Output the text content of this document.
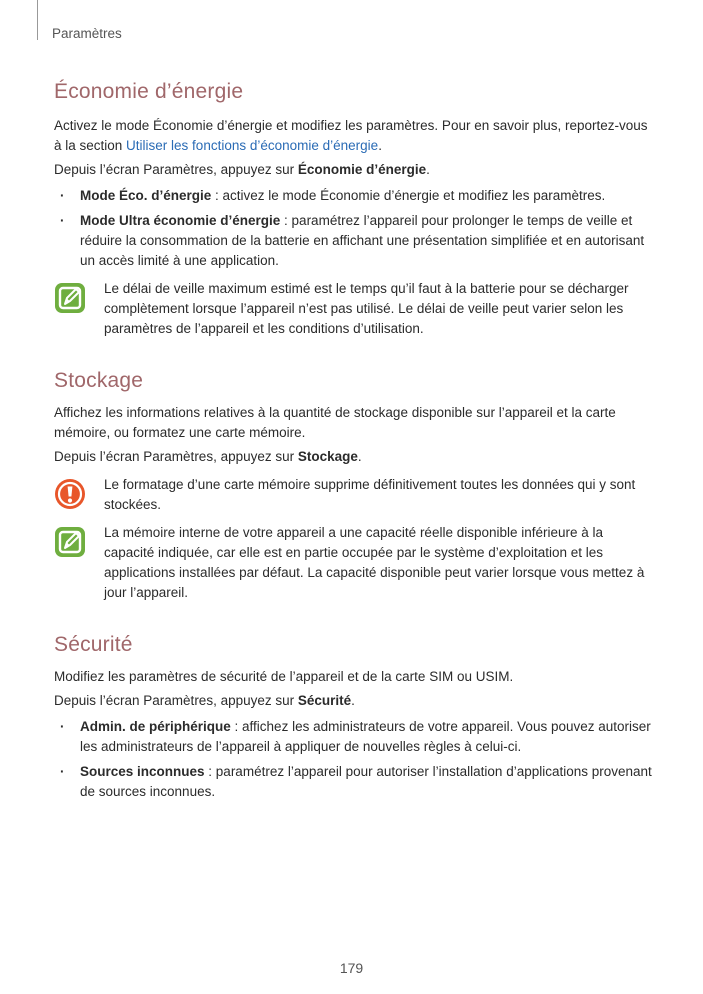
Paramètres
Économie d’énergie

Activez le mode Économie d’énergie et modifiez les paramètres. Pour en savoir plus, reportez-vous à la section Utiliser les fonctions d’économie d’énergie.

Depuis l’écran Paramètres, appuyez sur Économie d’énergie.

· Mode Éco. d’énergie : activez le mode Économie d’énergie et modifiez les paramètres.
· Mode Ultra économie d’énergie : paramétrez l’appareil pour prolonger le temps de veille et réduire la consommation de la batterie en affichant une présentation simplifiée et en autorisant un accès limité à une application.
Le délai de veille maximum estimé est le temps qu’il faut à la batterie pour se décharger complètement lorsque l’appareil n’est pas utilisé. Le délai de veille peut varier selon les paramètres de l’appareil et les conditions d’utilisation.
Stockage

Affichez les informations relatives à la quantité de stockage disponible sur l’appareil et la carte mémoire, ou formatez une carte mémoire.

Depuis l’écran Paramètres, appuyez sur Stockage.

Le formatage d’une carte mémoire supprime définitivement toutes les données qui y sont stockées.
La mémoire interne de votre appareil a une capacité réelle disponible inférieure à la capacité indiquée, car elle est en partie occupée par le système d’exploitation et les applications installées par défaut. La capacité disponible peut varier lorsque vous mettez à jour l’appareil.
Sécurité

Modifiez les paramètres de sécurité de l’appareil et de la carte SIM ou USIM.

Depuis l’écran Paramètres, appuyez sur Sécurité.

· Admin. de périphérique : affichez les administrateurs de votre appareil. Vous pouvez autoriser les administrateurs de l’appareil à appliquer de nouvelles règles à celui-ci.
· Sources inconnues : paramétrez l’appareil pour autoriser l’installation d’applications provenant de sources inconnues.
179
